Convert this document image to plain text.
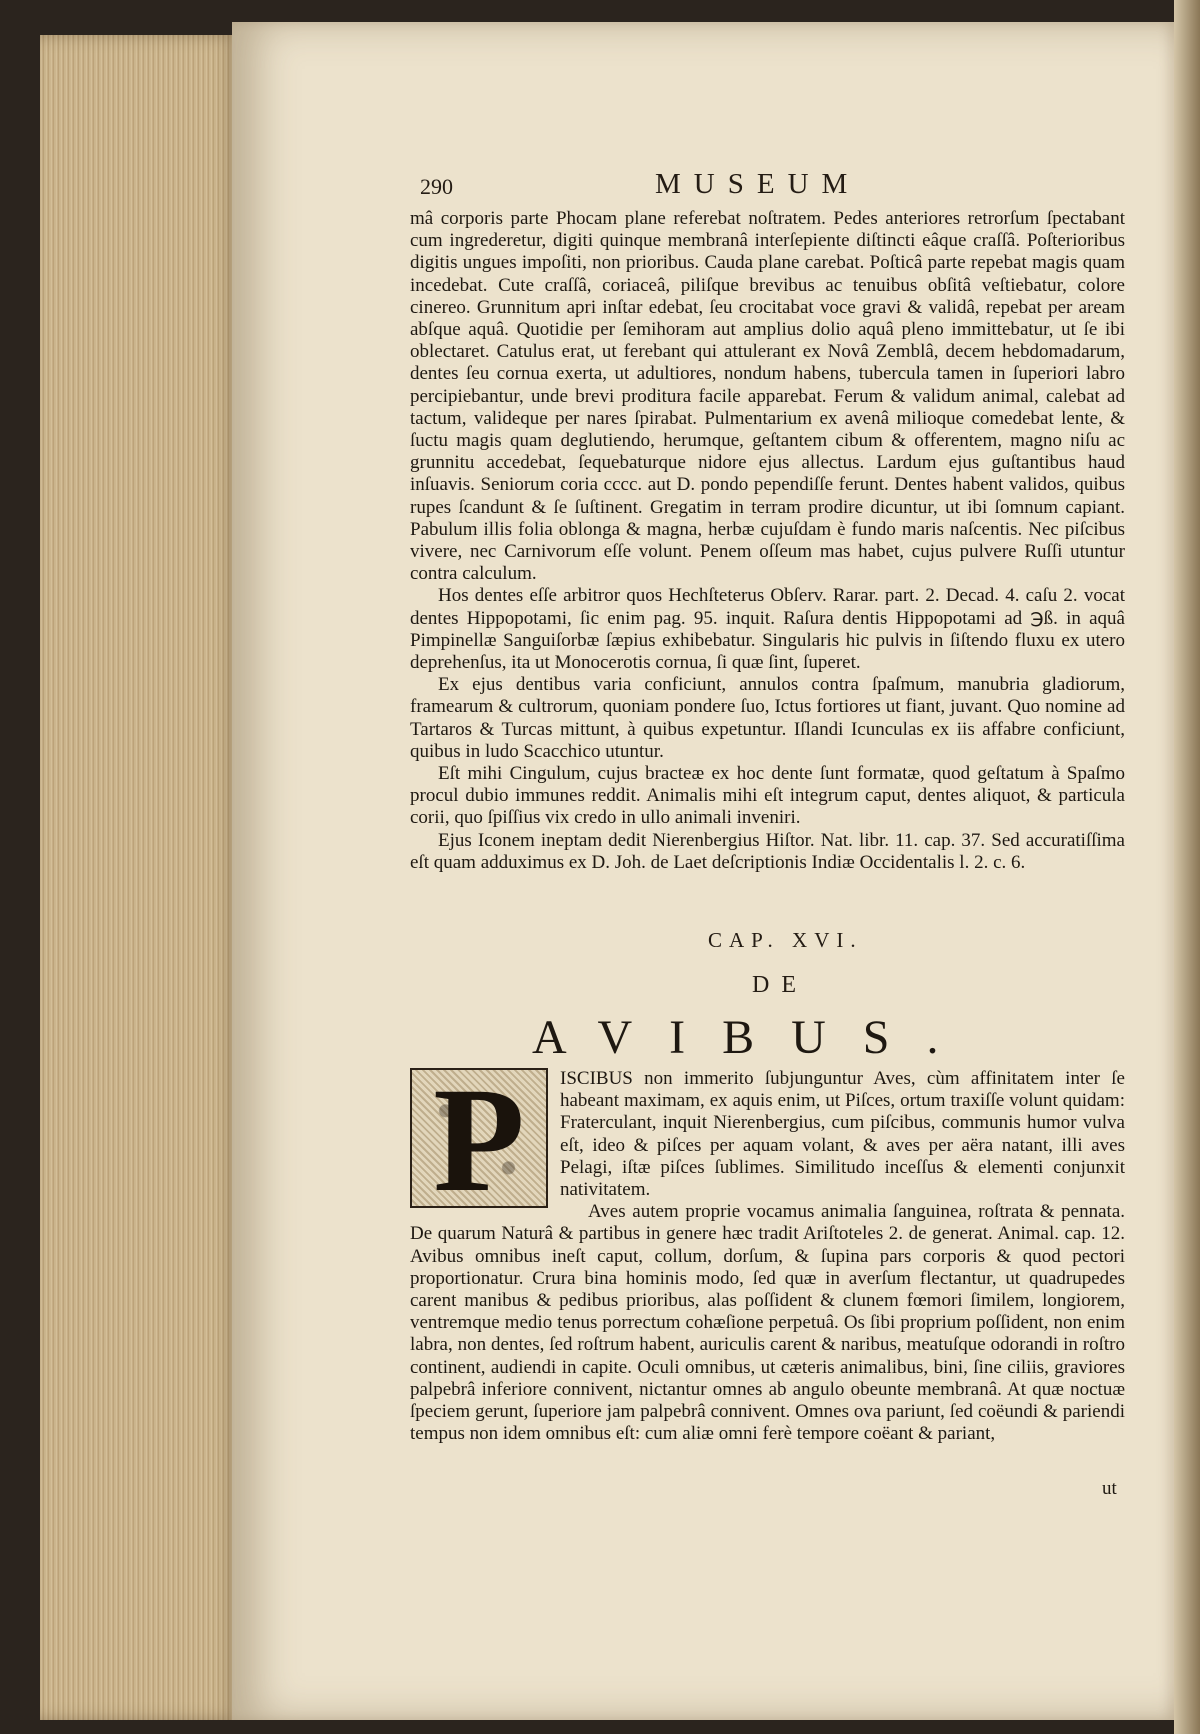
290	MUSEUM

mâ corporis parte Phocam plane referebat noſtratem. Pedes anteriores retrorſum ſpectabant cum ingrederetur, digiti quinque membranâ interſepiente diſtincti eâque craſſâ. Poſterioribus digitis ungues impoſiti, non prioribus. Cauda plane carebat. Poſticâ parte repebat magis quam incedebat. Cute craſſâ, coriaceâ, piliſque brevibus ac tenuibus obſitâ veſtiebatur, colore cinereo. Grunnitum apri inſtar edebat, ſeu crocitabat voce gravi & validâ, repebat per aream abſque aquâ. Quotidie per ſemihoram aut amplius dolio aquâ pleno immittebatur, ut ſe ibi oblectaret. Catulus erat, ut ferebant qui attulerant ex Novâ Zemblâ, decem hebdomadarum, dentes ſeu cornua exerta, ut adultiores, nondum habens, tubercula tamen in ſuperiori labro percipiebantur, unde brevi proditura facile apparebat. Ferum & validum animal, calebat ad tactum, valideque per nares ſpirabat. Pulmentarium ex avenâ milioque comedebat lente, & ſuctu magis quam deglutiendo, herumque, geſtantem cibum & offerentem, magno niſu ac grunnitu accedebat, ſequebaturque nidore ejus allectus. Lardum ejus guſtantibus haud inſuavis. Seniorum coria cccc. aut D. pondo pependiſſe ferunt. Dentes habent validos, quibus rupes ſcandunt & ſe ſuſtinent. Gregatim in terram prodire dicuntur, ut ibi ſomnum capiant. Pabulum illis folia oblonga & magna, herbæ cujuſdam è fundo maris naſcentis. Nec piſcibus vivere, nec Carnivorum eſſe volunt. Penem oſſeum mas habet, cujus pulvere Ruſſi utuntur contra calculum.

Hos dentes eſſe arbitror quos Hechſteterus Obſerv. Rarar. part. 2. Decad. 4. caſu 2. vocat dentes Hippopotami, ſic enim pag. 95. inquit. Raſura dentis Hippopotami ad ℈ß. in aquâ Pimpinellæ Sanguiſorbæ ſæpius exhibebatur. Singularis hic pulvis in ſiſtendo fluxu ex utero deprehenſus, ita ut Monocerotis cornua, ſi quæ ſint, ſuperet.

Ex ejus dentibus varia conficiunt, annulos contra ſpaſmum, manubria gladiorum, framearum & cultrorum, quoniam pondere ſuo, Ictus fortiores ut fiant, juvant. Quo nomine ad Tartaros & Turcas mittunt, à quibus expetuntur. Iſlandi Icunculas ex iis affabre conficiunt, quibus in ludo Scacchico utuntur.

Eſt mihi Cingulum, cujus bracteæ ex hoc dente ſunt formatæ, quod geſtatum à Spaſmo procul dubio immunes reddit. Animalis mihi eſt integrum caput, dentes aliquot, & particula corii, quo ſpiſſius vix credo in ullo animali inveniri.

Ejus Iconem ineptam dedit Nierenbergius Hiſtor. Nat. libr. 11. cap. 37. Sed accuratiſſima eſt quam adduximus ex D. Joh. de Laet deſcriptionis Indiæ Occidentalis l. 2. c. 6.

CAP. XVI.
DE
AVIBUS.

ISCIBUS non immerito ſubjunguntur Aves, cùm affinitatem inter ſe habeant maximam, ex aquis enim, ut Piſces, ortum traxiſſe volunt quidam: Fraterculant, inquit Nierenbergius, cum piſcibus, communis humor vulva eſt, ideo & piſces per aquam volant, & aves per aëra natant, illi aves Pelagi, iſtæ piſces ſublimes. Similitudo inceſſus & elementi conjunxit nativitatem.

Aves autem proprie vocamus animalia ſanguinea, roſtrata & pennata. De quarum Naturâ & partibus in genere hæc tradit Ariſtoteles 2. de generat. Animal. cap. 12. Avibus omnibus ineſt caput, collum, dorſum, & ſupina pars corporis & quod pectori proportionatur. Crura bina hominis modo, ſed quæ in averſum flectantur, ut quadrupedes carent manibus & pedibus prioribus, alas poſſident & clunem fœmori ſimilem, longiorem, ventremque medio tenus porrectum cohæſione perpetuâ. Os ſibi proprium poſſident, non enim labra, non dentes, ſed roſtrum habent, auriculis carent & naribus, meatuſque odorandi in roſtro continent, audiendi in capite. Oculi omnibus, ut cæteris animalibus, bini, ſine ciliis, graviores palpebrâ inferiore connivent, nictantur omnes ab angulo obeunte membranâ. At quæ noctuæ ſpeciem gerunt, ſuperiore jam palpebrâ connivent. Omnes ova pariunt, ſed coëundi & pariendi tempus non idem omnibus eſt: cum aliæ omni ferè tempore coëant & pariant,

P
ut
